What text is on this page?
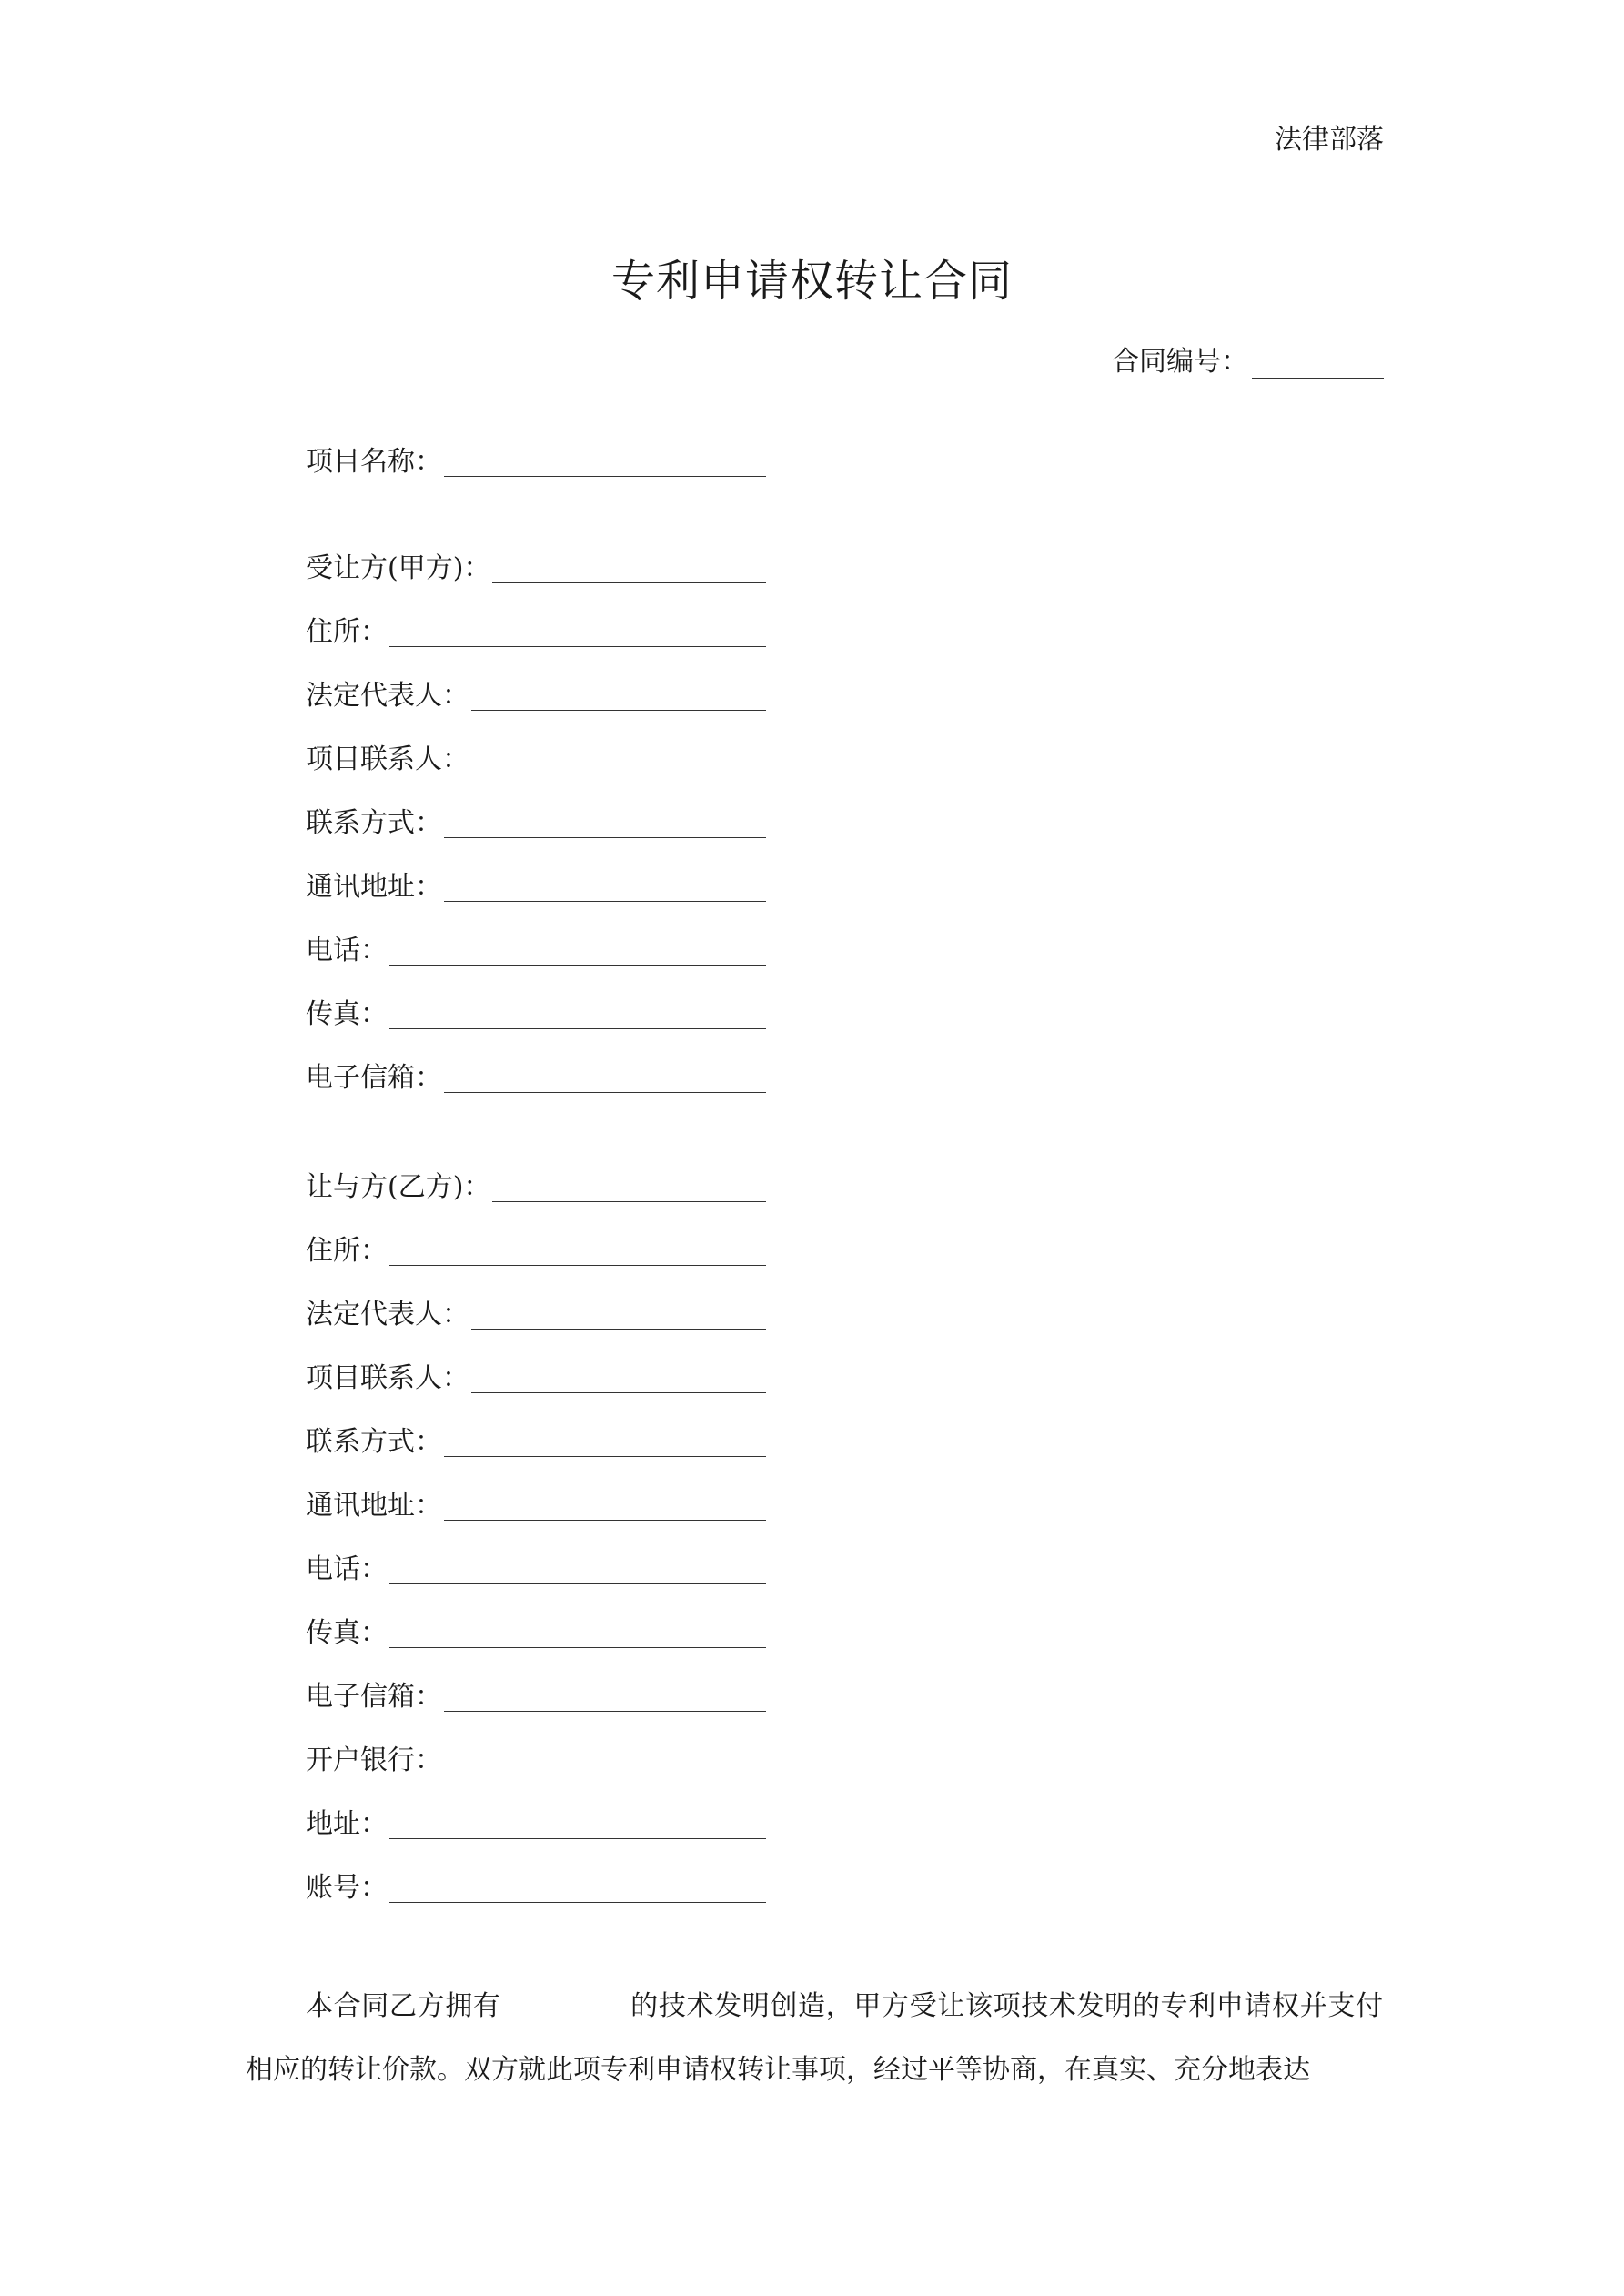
法律部落
专利申请权转让合同
合同编号：
项目名称：
受让方(甲方)：
住所：
法定代表人：
项目联系人：
联系方式：
通讯地址：
电话：
传真：
电子信箱：
让与方(乙方)：
住所：
法定代表人：
项目联系人：
联系方式：
通讯地址：
电话：
传真：
电子信箱：
开户银行：
地址：
账号：
本合同乙方拥有	的技术发明创造，甲方受让该项技术发明的专利申请权并支付相应的转让价款。双方就此项专利申请权转让事项，经过平等协商，在真实、充分地表达
